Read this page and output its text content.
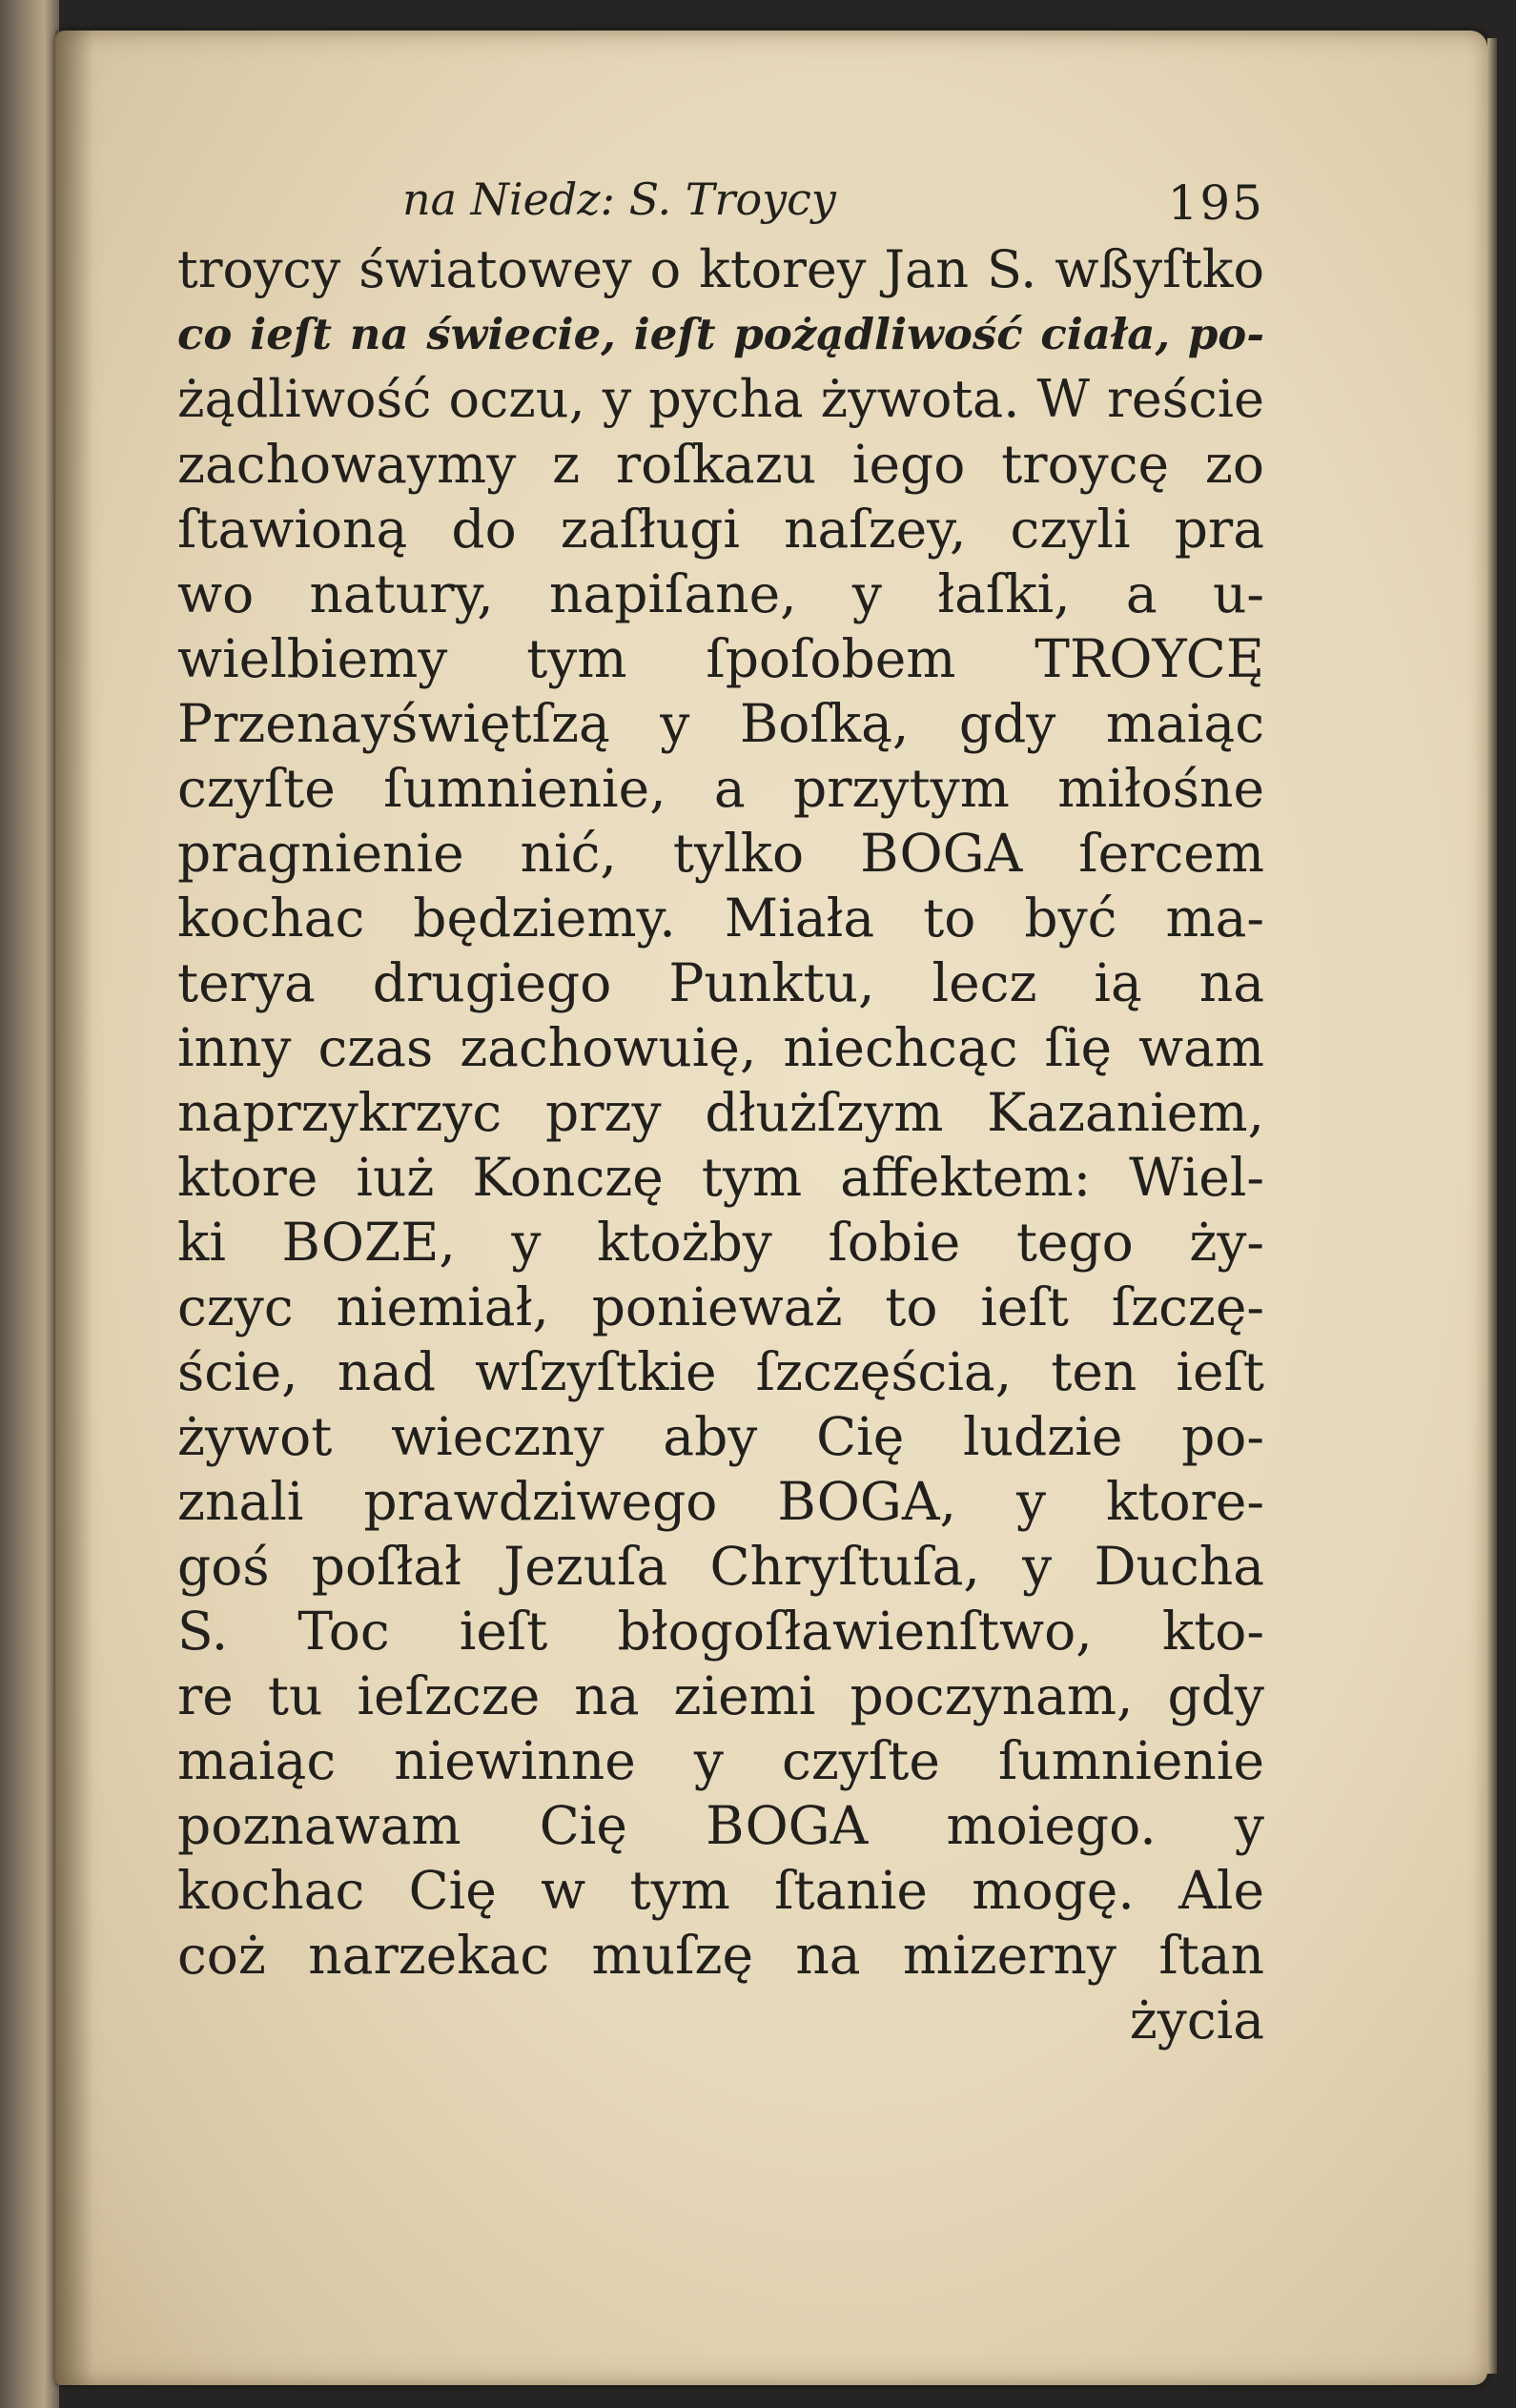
na Niedz: S. Troycy	195
troycy światowey o ktorey Jan S. wßyſtko
co ieſt na świecie, ieſt pożądliwość ciała, po-
żądliwość oczu, y pycha żywota. W reście
zachowaymy z roſkazu iego troycę zo
ſtawioną do zaſługi naſzey, czyli pra
wo natury, napiſane, y łaſki, a u-
wielbiemy tym ſpoſobem TROYCĘ
Przenayświętſzą y Boſką, gdy maiąc
czyſte ſumnienie, a przytym miłośne
pragnienie nić, tylko BOGA ſercem
kochac będziemy. Miała to być ma-
terya drugiego Punktu, lecz ią na
inny czas zachowuię, niechcąc ſię wam
naprzykrzyc przy dłużſzym Kazaniem,
ktore iuż Konczę tym affektem: Wiel-
ki BOZE, y ktożby ſobie tego ży-
czyc niemiał, ponieważ to ieſt ſzczę-
ście, nad wſzyſtkie ſzczęścia, ten ieſt
żywot wieczny aby Cię ludzie po-
znali prawdziwego BOGA, y ktore-
goś poſłał Jezuſa Chryſtuſa, y Ducha
S. Toc ieſt błogoſławienſtwo, kto-
re tu ieſzcze na ziemi poczynam, gdy
maiąc niewinne y czyſte ſumnienie
poznawam Cię BOGA moiego. y
kochac Cię w tym ſtanie mogę. Ale
coż narzekac muſzę na mizerny ſtan
życia
